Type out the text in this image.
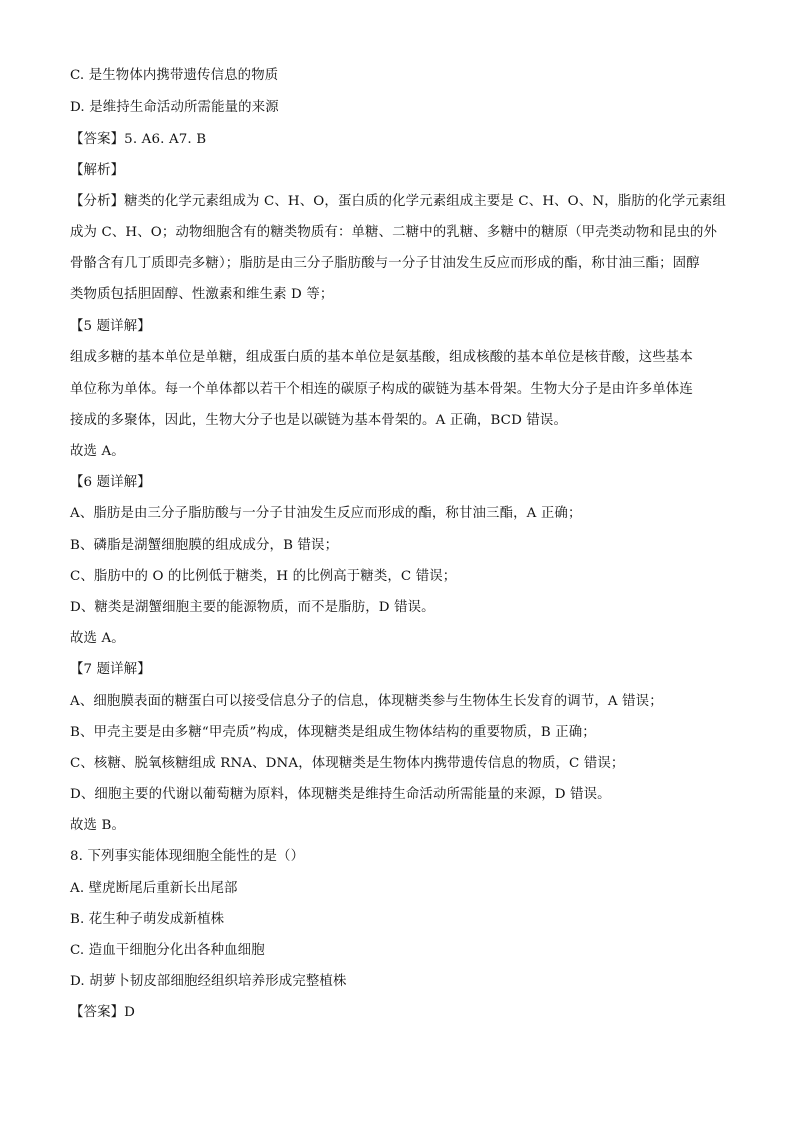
C. 是生物体内携带遗传信息的物质
D. 是维持生命活动所需能量的来源
【答案】5. A6. A7. B
【解析】
【分析】糖类的化学元素组成为 C、H、O，蛋白质的化学元素组成主要是 C、H、O、N，脂肪的化学元素组
成为 C、H、O；动物细胞含有的糖类物质有：单糖、二糖中的乳糖、多糖中的糖原（甲壳类动物和昆虫的外
骨骼含有几丁质即壳多糖）；脂肪是由三分子脂肪酸与一分子甘油发生反应而形成的酯，称甘油三酯；固醇
类物质包括胆固醇、性激素和维生素 D 等；
【5 题详解】
组成多糖的基本单位是单糖，组成蛋白质的基本单位是氨基酸，组成核酸的基本单位是核苷酸，这些基本
单位称为单体。每一个单体都以若干个相连的碳原子构成的碳链为基本骨架。生物大分子是由许多单体连
接成的多聚体，因此，生物大分子也是以碳链为基本骨架的。A 正确，BCD 错误。
故选 A。
【6 题详解】
A、脂肪是由三分子脂肪酸与一分子甘油发生反应而形成的酯，称甘油三酯，A 正确；
B、磷脂是湖蟹细胞膜的组成成分，B 错误；
C、脂肪中的 O 的比例低于糖类，H 的比例高于糖类，C 错误；
D、糖类是湖蟹细胞主要的能源物质，而不是脂肪，D 错误。
故选 A。
【7 题详解】
A、细胞膜表面的糖蛋白可以接受信息分子的信息，体现糖类参与生物体生长发育的调节，A 错误；
B、甲壳主要是由多糖“甲壳质”构成，体现糖类是组成生物体结构的重要物质，B 正确；
C、核糖、脱氧核糖组成 RNA、DNA，体现糖类是生物体内携带遗传信息的物质，C 错误；
D、细胞主要的代谢以葡萄糖为原料，体现糖类是维持生命活动所需能量的来源，D 错误。
故选 B。
8. 下列事实能体现细胞全能性的是（）
A. 壁虎断尾后重新长出尾部
B. 花生种子萌发成新植株
C. 造血干细胞分化出各种血细胞
D. 胡萝卜韧皮部细胞经组织培养形成完整植株
【答案】D
